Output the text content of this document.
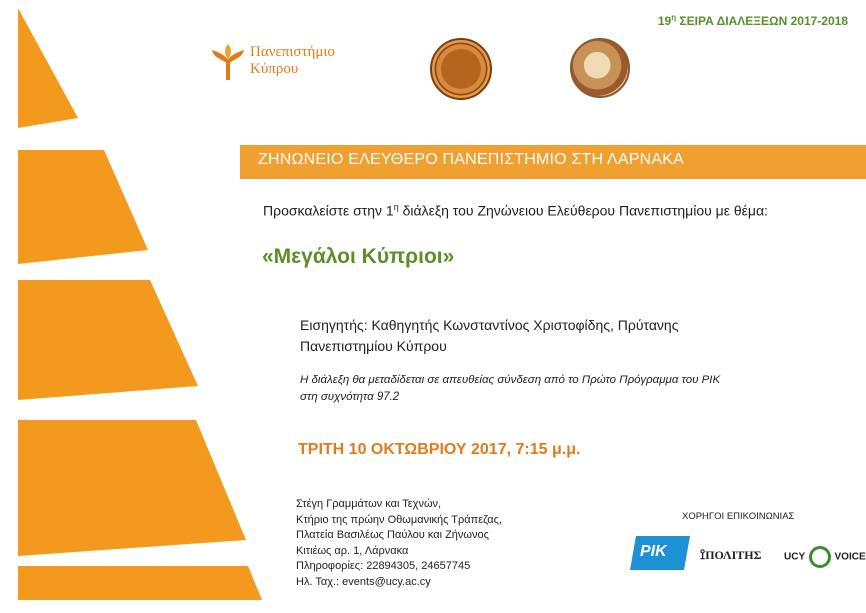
$19^\eta$ ΣΕΙΡΑ ΔΙΑΛΕΞΕΩΝ 2017-2018
Πανεπιστήμιο
Κύπρου
ΖΗΝΩΝΕΙΟ ΕΛΕΥΘΕΡΟ ΠΑΝΕΠΙΣΤΗΜΙΟ ΣΤΗ ΛΑΡΝΑΚΑ
Προσκαλείστε στην $1^\eta$ διάλεξη του Ζηνώνειου Ελεύθερου Πανεπιστημίου με θέμα:
«Μεγάλοι Κύπριοι»
Εισηγητής: Καθηγητής Κωνσταντίνος Χριστοφίδης, Πρύτανης
Πανεπιστημίου Κύπρου
Η διάλεξη θα μεταδίδεται σε απευθείας σύνδεση από το Πρώτο Πρόγραμμα του ΡΙΚ
στη συχνότητα 97.2
ΤΡΙΤΗ 10 ΟΚΤΩΒΡΙΟΥ 2017, 7:15 μ.μ.
Στέγη Γραμμάτων και Τεχνών,
Κτήριο της πρώην Οθωμανικής Τράπεζας,
Πλατεία Βασιλέως Παύλου και Ζήνωνος
Κιτιέως αρ. 1, Λάρνακα
Πληροφορίες: 22894305, 24657745
Ηλ. Ταχ.: events@ucy.ac.cy
ΧΟΡΗΓΟΙ ΕΠΙΚΟΙΝΩΝΙΑΣ
ΡΙΚ ⟟ΠΟΛΙΤΗΣ UCY	VOICE
